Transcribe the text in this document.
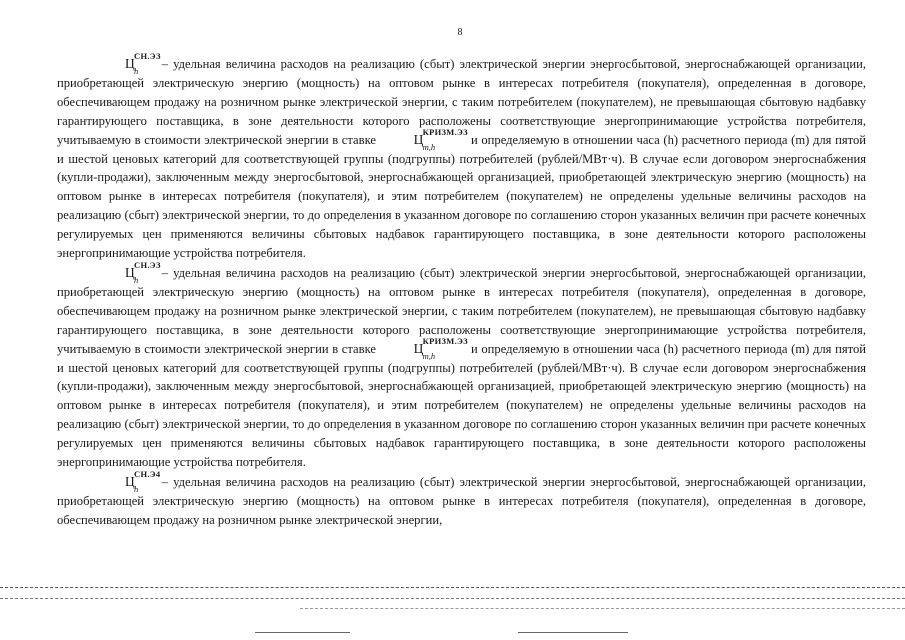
8

Ц СН.ЭЗ
h – удельная величина расходов на реализацию (сбыт) электрической энергии энергосбытовой, энергоснабжающей организации, приобретающей электрическую энергию (мощность) на оптовом рынке в интересах потребителя (покупателя), определенная в договоре, обеспечивающем продажу на розничном рынке электрической энергии, с таким потребителем (покупателем), не превышающая сбытовую надбавку гарантирующего поставщика, в зоне деятельности которого расположены соответствующие энергопринимающие устройства потребителя, учитываемую в стоимости электрической энергии в ставке	Ц КРИЗМ.ЭЗ
m,h	и определяемую в отношении часа (h) расчетного периода (m) для пятой и шестой ценовых категорий для соответствующей группы (подгруппы) потребителей (рублей/МВт·ч). В случае если договором энергоснабжения (купли-продажи), заключенным между энергосбытовой, энергоснабжающей организацией, приобретающей электрическую энергию (мощность) на оптовом рынке в интересах потребителя (покупателя), и этим потребителем (покупателем) не определены удельные величины расходов на реализацию (сбыт) электрической энергии, то до определения в указанном договоре по соглашению сторон указанных величин при расчете конечных регулируемых цен применяются величины сбытовых надбавок гарантирующего поставщика, в зоне деятельности которого расположены энергопринимающие устройства потребителя.

Ц СН.ЭЗ
h – удельная величина расходов на реализацию (сбыт) электрической энергии энергосбытовой, энергоснабжающей организации, приобретающей электрическую энергию (мощность) на оптовом рынке в интересах потребителя (покупателя), определенная в договоре, обеспечивающем продажу на розничном рынке электрической энергии, с таким потребителем (покупателем), не превышающая сбытовую надбавку гарантирующего поставщика, в зоне деятельности которого расположены соответствующие энергопринимающие устройства потребителя, учитываемую в стоимости электрической энергии в ставке	Ц КРИЗМ.ЭЗ
m,h	и определяемую в отношении часа (h) расчетного периода (m) для пятой и шестой ценовых категорий для соответствующей группы (подгруппы) потребителей (рублей/МВт·ч). В случае если договором энергоснабжения (купли-продажи), заключенным между энергосбытовой, энергоснабжающей организацией, приобретающей электрическую энергию (мощность) на оптовом рынке в интересах потребителя (покупателя), и этим потребителем (покупателем) не определены удельные величины расходов на реализацию (сбыт) электрической энергии, то до определения в указанном договоре по соглашению сторон указанных величин при расчете конечных регулируемых цен применяются величины сбытовых надбавок гарантирующего поставщика, в зоне деятельности которого расположены энергопринимающие устройства потребителя.

Ц СН.Э4
h – удельная величина расходов на реализацию (сбыт) электрической энергии энергосбытовой, энергоснабжающей организации, приобретающей электрическую энергию (мощность) на оптовом рынке в интересах потребителя (покупателя), определенная в договоре, обеспечивающем продажу на розничном рынке электрической энергии,
